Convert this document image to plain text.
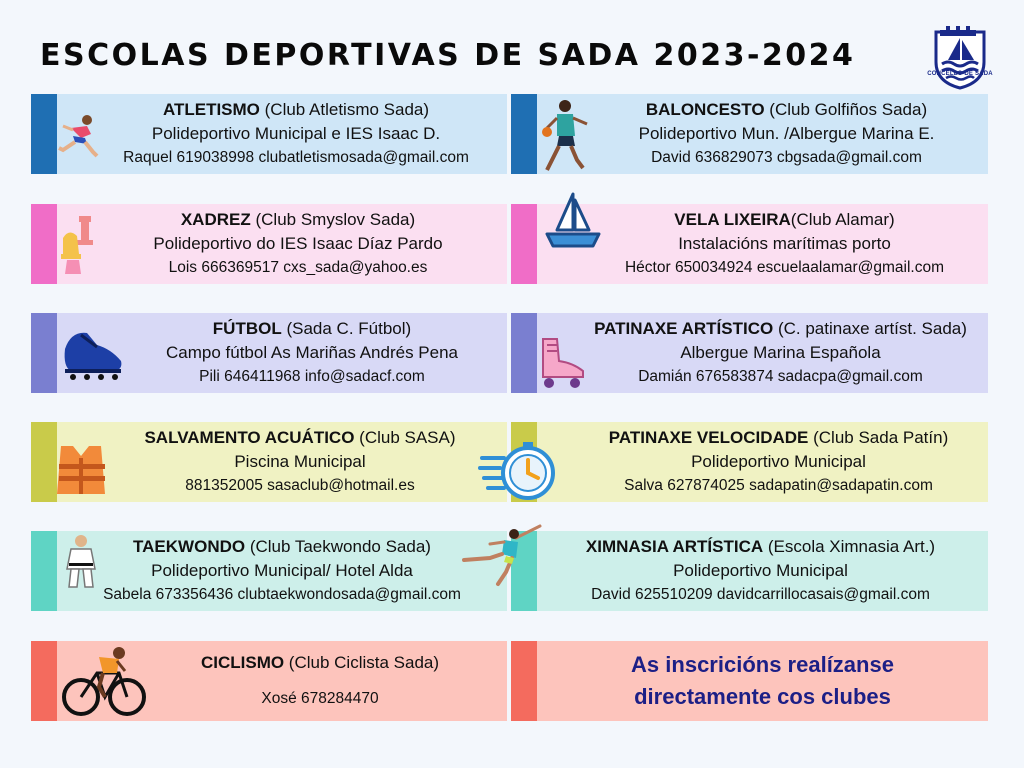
ESCOLAS DEPORTIVAS DE SADA 2023-2024
CONCELLO DE SADA
ATLETISMO (Club Atletismo Sada)
Polideportivo Municipal e IES Isaac D.
Raquel 619038998 clubatletismosada@gmail.com
BALONCESTO (Club Golfiños Sada)
Polideportivo Mun. /Albergue Marina E.
David 636829073 cbgsada@gmail.com
XADREZ (Club Smyslov Sada)
Polideportivo do IES Isaac Díaz Pardo
Lois 666369517 cxs_sada@yahoo.es
VELA LIXEIRA(Club Alamar)
Instalacións marítimas porto
Héctor 650034924 escuelaalamar@gmail.com
FÚTBOL (Sada C. Fútbol)
Campo fútbol As Mariñas Andrés Pena
Pili 646411968 info@sadacf.com
PATINAXE ARTÍSTICO (C. patinaxe artíst. Sada)
Albergue Marina Española
Damián 676583874 sadacpa@gmail.com
SALVAMENTO ACUÁTICO (Club SASA)
Piscina Municipal
881352005 sasaclub@hotmail.es
PATINAXE VELOCIDADE (Club Sada Patín)
Polideportivo Municipal
Salva 627874025 sadapatin@sadapatin.com
TAEKWONDO (Club Taekwondo Sada)
Polideportivo Municipal/ Hotel Alda
Sabela 673356436 clubtaekwondosada@gmail.com
XIMNASIA ARTÍSTICA (Escola Ximnasia Art.)
Polideportivo Municipal
David 625510209 davidcarrillocasais@gmail.com
CICLISMO (Club Ciclista Sada)
Xosé 678284470
As inscricións realízanse
directamente cos clubes
